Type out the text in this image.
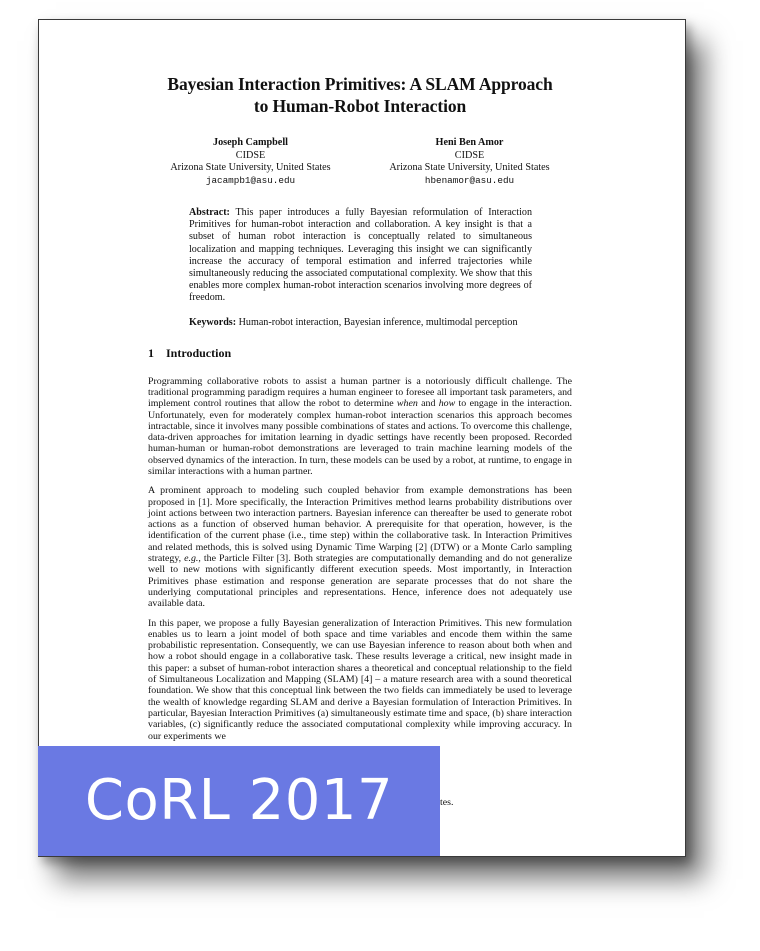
Bayesian Interaction Primitives: A SLAM Approach
to Human-Robot Interaction
Joseph Campbell
CIDSE
Arizona State University, United States
jacampb1@asu.edu
Heni Ben Amor
CIDSE
Arizona State University, United States
hbenamor@asu.edu

Abstract: This paper introduces a fully Bayesian reformulation of Interaction Primitives for human-robot interaction and collaboration. A key insight is that a subset of human robot interaction is conceptually related to simultaneous localization and mapping techniques. Leveraging this insight we can significantly increase the accuracy of temporal estimation and inferred trajectories while simultaneously reducing the associated computational complexity. We show that this enables more complex human-robot interaction scenarios involving more degrees of freedom.

Keywords: Human-robot interaction, Bayesian inference, multimodal perception

1 Introduction

Programming collaborative robots to assist a human partner is a notoriously difficult challenge. The traditional programming paradigm requires a human engineer to foresee all important task parameters, and implement control routines that allow the robot to determine when and how to engage in the interaction. Unfortunately, even for moderately complex human-robot interaction scenarios this approach becomes intractable, since it involves many possible combinations of states and actions. To overcome this challenge, data-driven approaches for imitation learning in dyadic settings have recently been proposed. Recorded human-human or human-robot demonstrations are leveraged to train machine learning models of the observed dynamics of the interaction. In turn, these models can be used by a robot, at runtime, to engage in similar interactions with a human partner.

A prominent approach to modeling such coupled behavior from example demonstrations has been proposed in [1]. More specifically, the Interaction Primitives method learns probability distributions over joint actions between two interaction partners. Bayesian inference can thereafter be used to generate robot actions as a function of observed human behavior. A prerequisite for that operation, however, is the identification of the current phase (i.e., time step) within the collaborative task. In Interaction Primitives and related methods, this is solved using Dynamic Time Warping [2] (DTW) or a Monte Carlo sampling strategy, e.g., the Particle Filter [3]. Both strategies are computationally demanding and do not generalize well to new motions with significantly different execution speeds. Most importantly, in Interaction Primitives phase estimation and response generation are separate processes that do not share the underlying computational principles and representations. Hence, inference does not adequately use available data.

In this paper, we propose a fully Bayesian generalization of Interaction Primitives. This new formulation enables us to learn a joint model of both space and time variables and encode them within the same probabilistic representation. Consequently, we can use Bayesian inference to reason about both when and how a robot should engage in a collaborative task. These results leverage a critical, new insight made in this paper: a subset of human-robot interaction shares a theoretical and conceptual relationship to the field of Simultaneous Localization and Mapping (SLAM) [4] – a mature research area with a sound theoretical foundation. We show that this conceptual link between the two fields can immediately be used to leverage the wealth of knowledge regarding SLAM and derive a Bayesian formulation of Interaction Primitives. In particular, Bayesian Interaction Primitives (a) simultaneously estimate time and space, (b) share interaction variables, (c) significantly reduce the associated computational complexity while improving accuracy. In our experiments we

tes.
CoRL 2017
